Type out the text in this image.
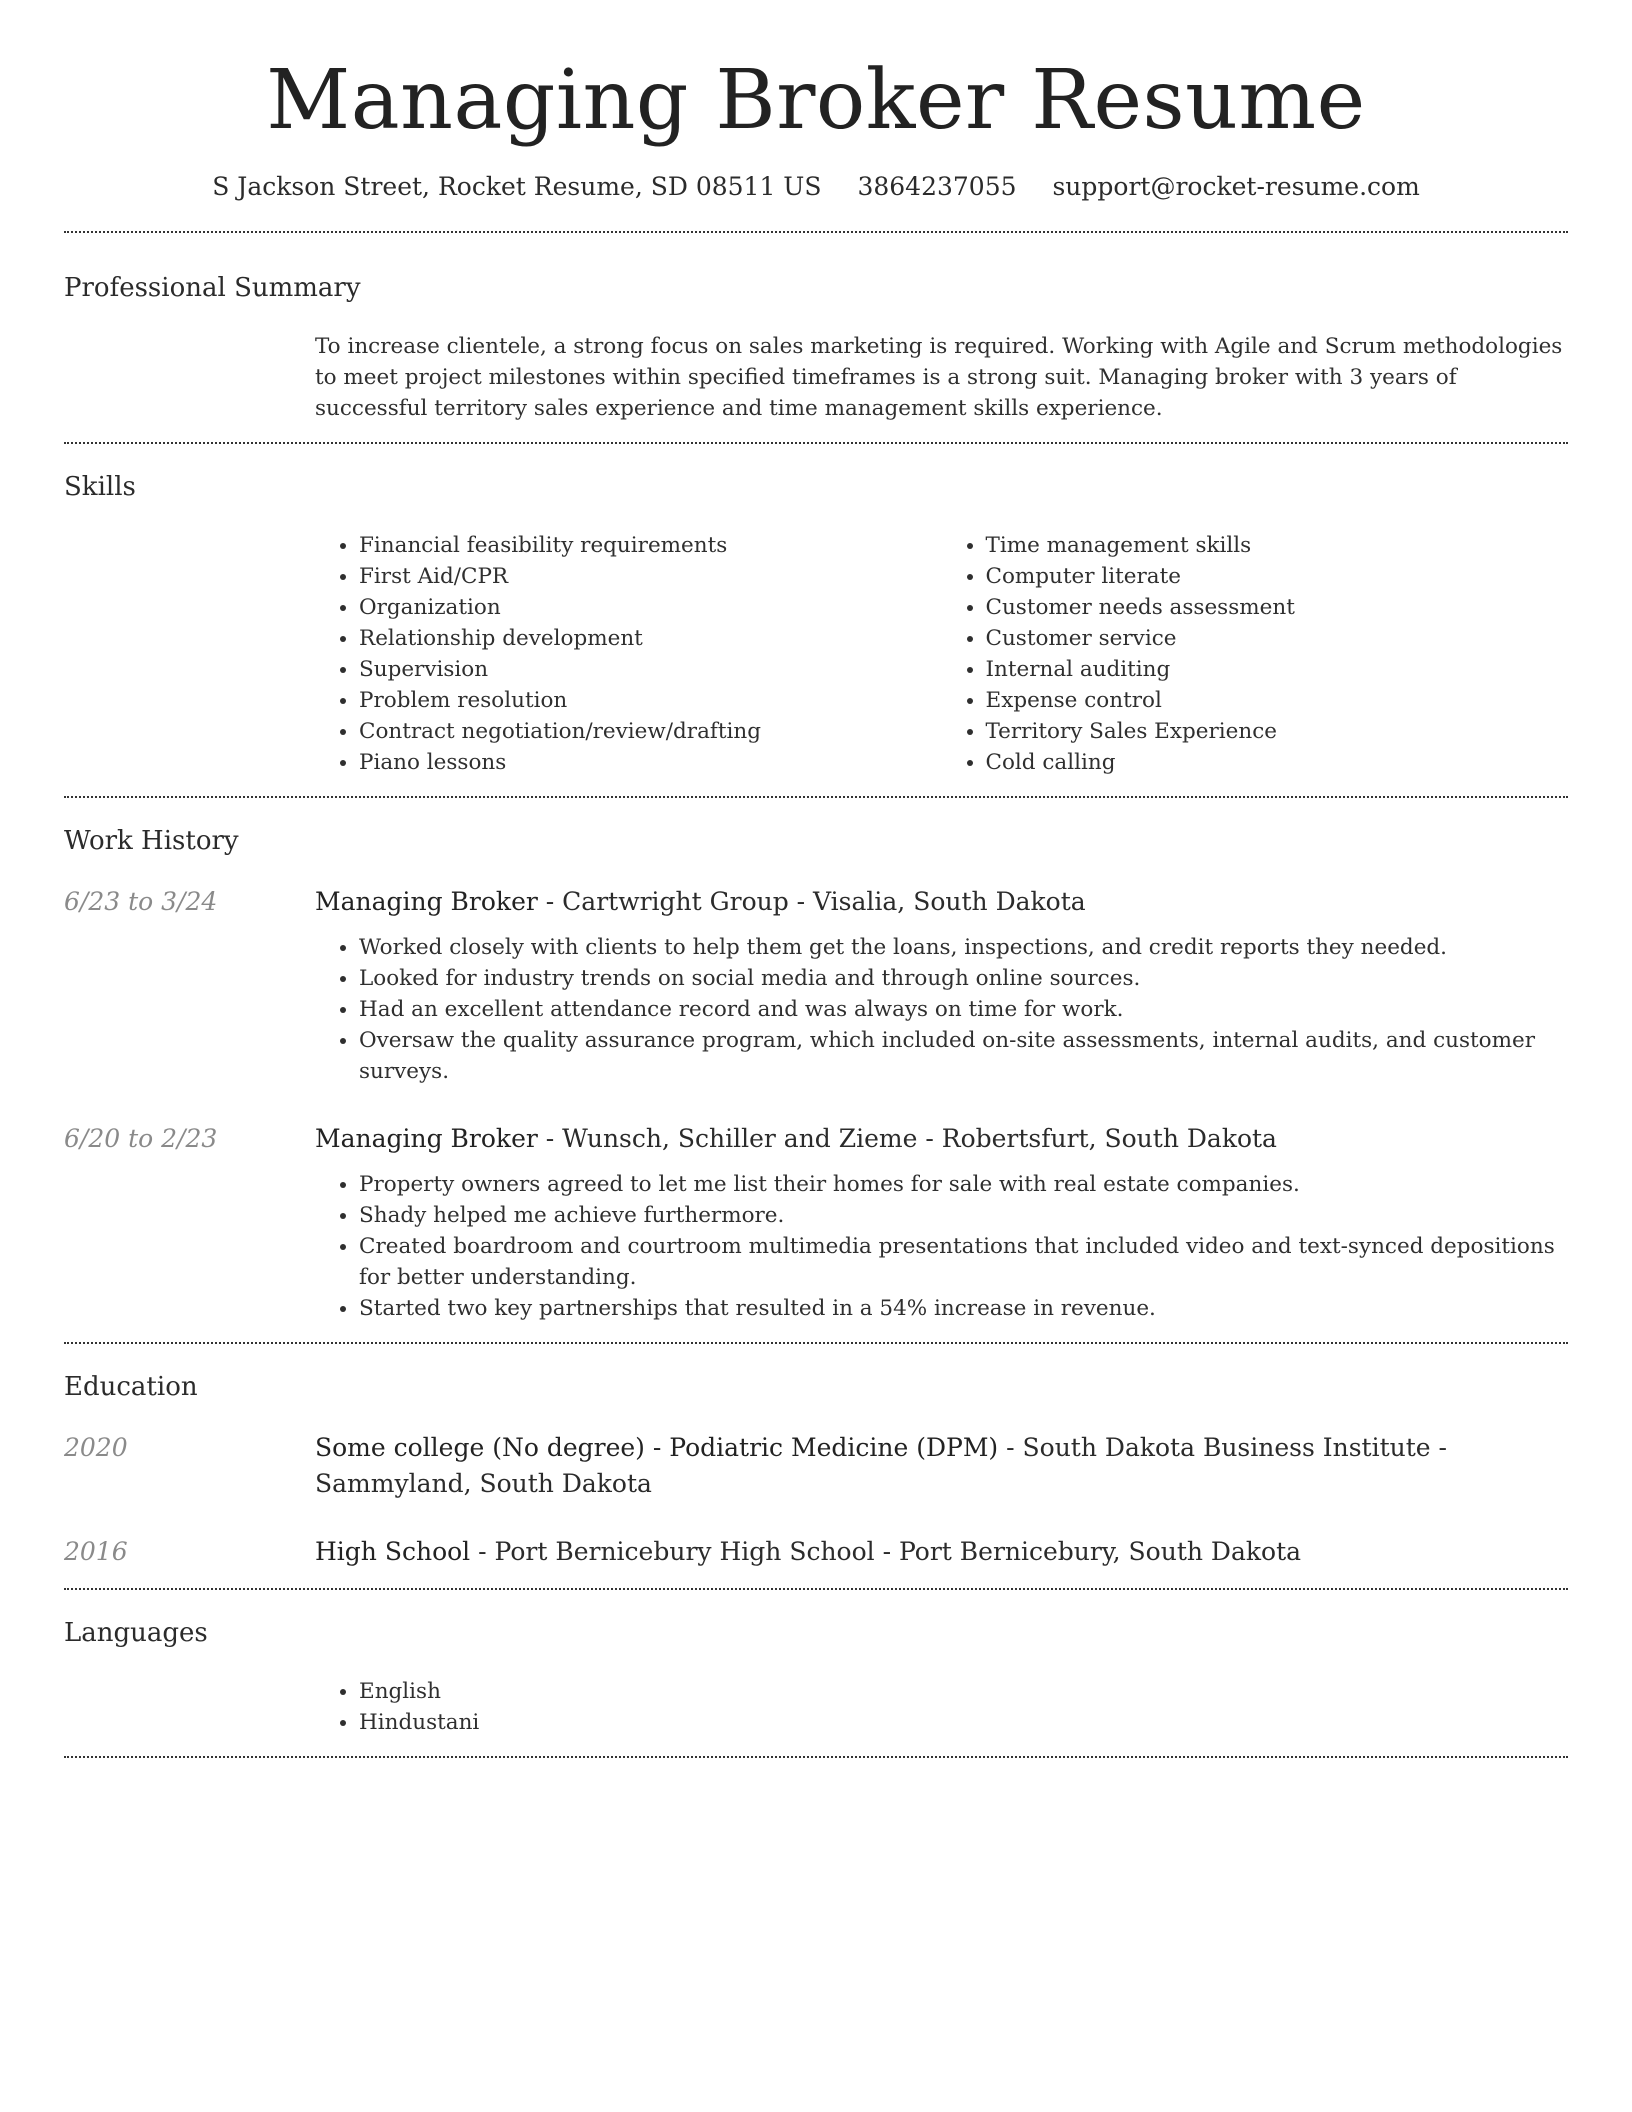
Managing Broker Resume
S Jackson Street, Rocket Resume, SD 08511 US 3864237055 support@rocket-resume.com
Professional Summary

To increase clientele, a strong focus on sales marketing is required. Working with Agile and Scrum methodologies to meet project milestones within specified timeframes is a strong suit. Managing broker with 3 years of successful territory sales experience and time management skills experience.

Skills
• Financial feasibility requirements
• First Aid/CPR
• Organization
• Relationship development
• Supervision
• Problem resolution
• Contract negotiation/review/drafting
• Piano lessons
• Time management skills
• Computer literate
• Customer needs assessment
• Customer service
• Internal auditing
• Expense control
• Territory Sales Experience
• Cold calling
Work History
6/23 to 3/24	Managing Broker - Cartwright Group - Visalia, South Dakota
• Worked closely with clients to help them get the loans, inspections, and credit reports they needed.
• Looked for industry trends on social media and through online sources.
• Had an excellent attendance record and was always on time for work.
• Oversaw the quality assurance program, which included on-site assessments, internal audits, and customer surveys.
6/20 to 2/23	Managing Broker - Wunsch, Schiller and Zieme - Robertsfurt, South Dakota
• Property owners agreed to let me list their homes for sale with real estate companies.
• Shady helped me achieve furthermore.
• Created boardroom and courtroom multimedia presentations that included video and text-synced depositions for better understanding.
• Started two key partnerships that resulted in a 54% increase in revenue.
Education
2020	Some college (No degree) - Podiatric Medicine (DPM) - South Dakota Business Institute - Sammyland, South Dakota
2016	High School - Port Bernicebury High School - Port Bernicebury, South Dakota
Languages
• English
• Hindustani
